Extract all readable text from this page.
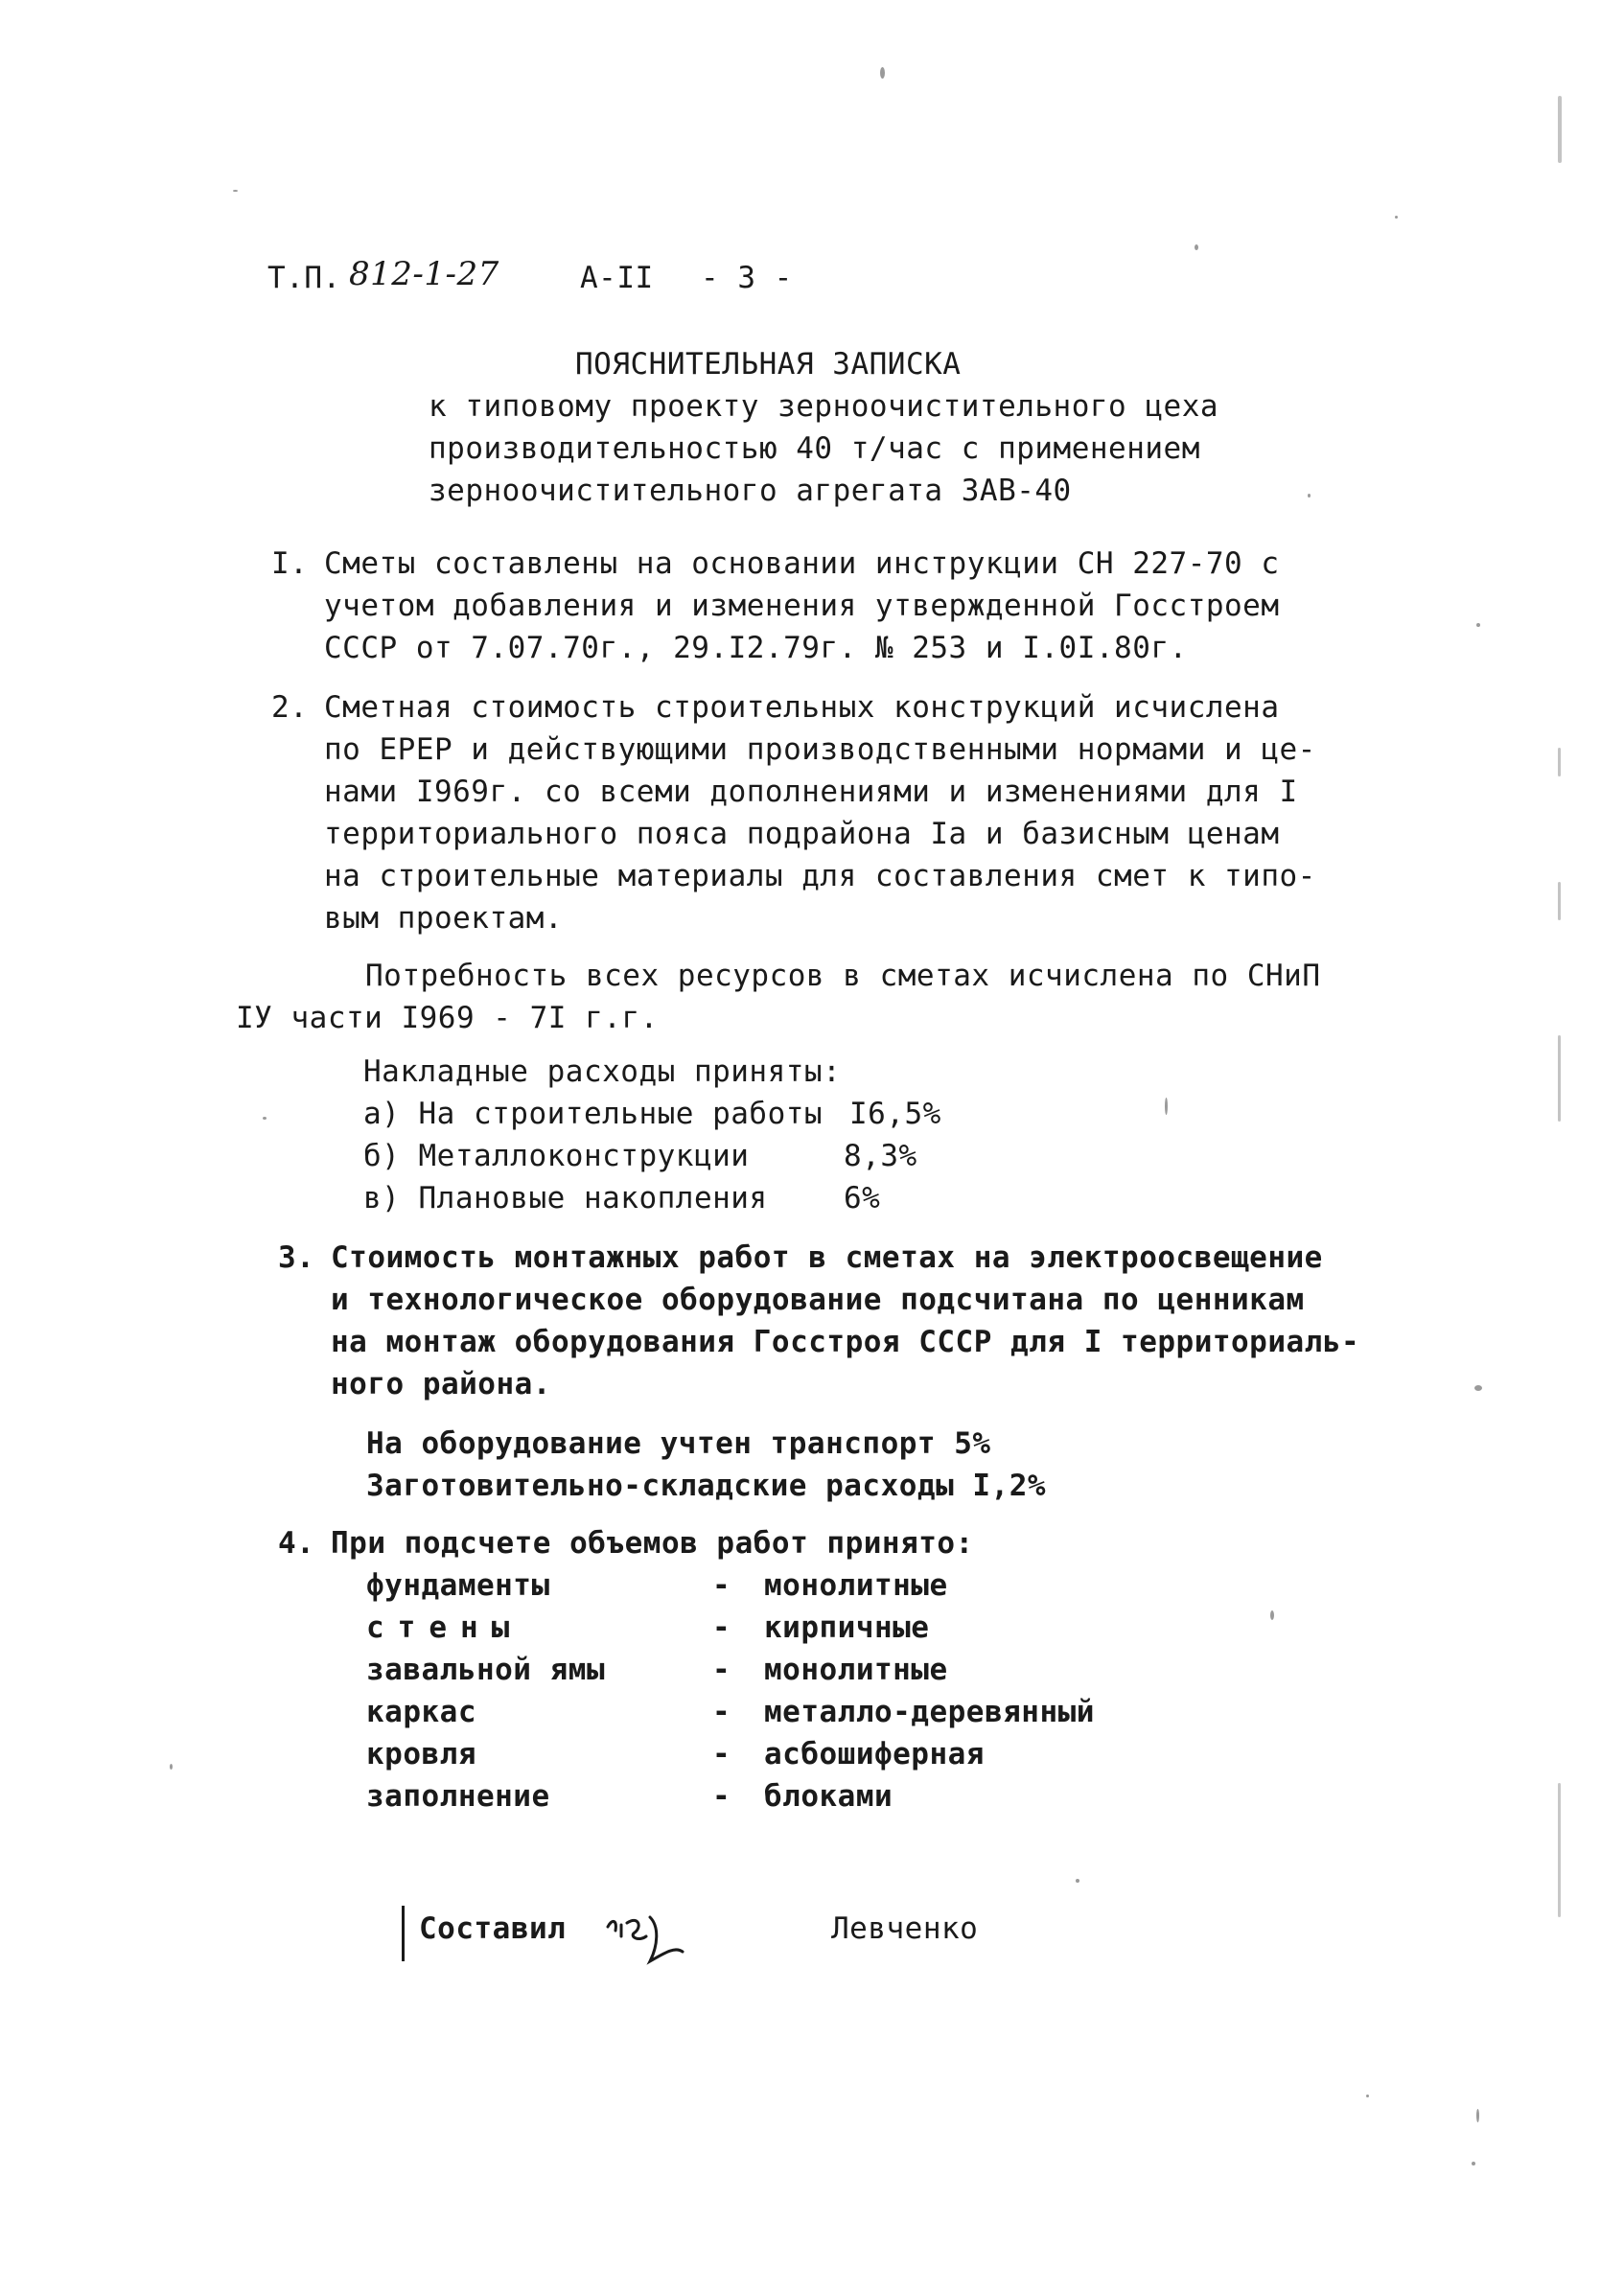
Т.П. 812-1-27	А-II - 3 -
ПОЯСНИТЕЛЬНАЯ ЗАПИСКА
к типовому проекту зерноочистительного цеха
производительностью 40 т/час с применением
зерноочистительного агрегата ЗАВ-40
I. Сметы составлены на основании инструкции СН 227-70 с
учетом добавления и изменения утвержденной Госстроем
СССР от 7.07.70г., 29.I2.79г. № 253 и I.0I.80г.
2. Сметная стоимость строительных конструкций исчислена
по ЕРЕР и действующими производственными нормами и це-
нами I969г. со всеми дополнениями и изменениями для I
территориального пояса подрайона Iа и базисным ценам
на строительные материалы для составления смет к типо-
вым проектам.
Потребность всех ресурсов в сметах исчислена по СНиП
IУ части I969 - 7I г.г.
Накладные расходы приняты:
а) На строительные работы I6,5%
б) Металлоконструкции	8,3%
в) Плановые накопления	6%
3. Стоимость монтажных работ в сметах на электроосвещение
и технологическое оборудование подсчитана по ценникам
на монтаж оборудования Госстроя СССР для I территориаль-
ного района.
На оборудование учтен транспорт 5%
Заготовительно-складские расходы I,2%
4. При подсчете объемов работ принято:
фундаменты	- монолитные
стены	- кирпичные
завальной ямы	- монолитные
каркас	- металло-деревянный
кровля	- асбошиферная
заполнение	- блоками
Составил	Левченко
